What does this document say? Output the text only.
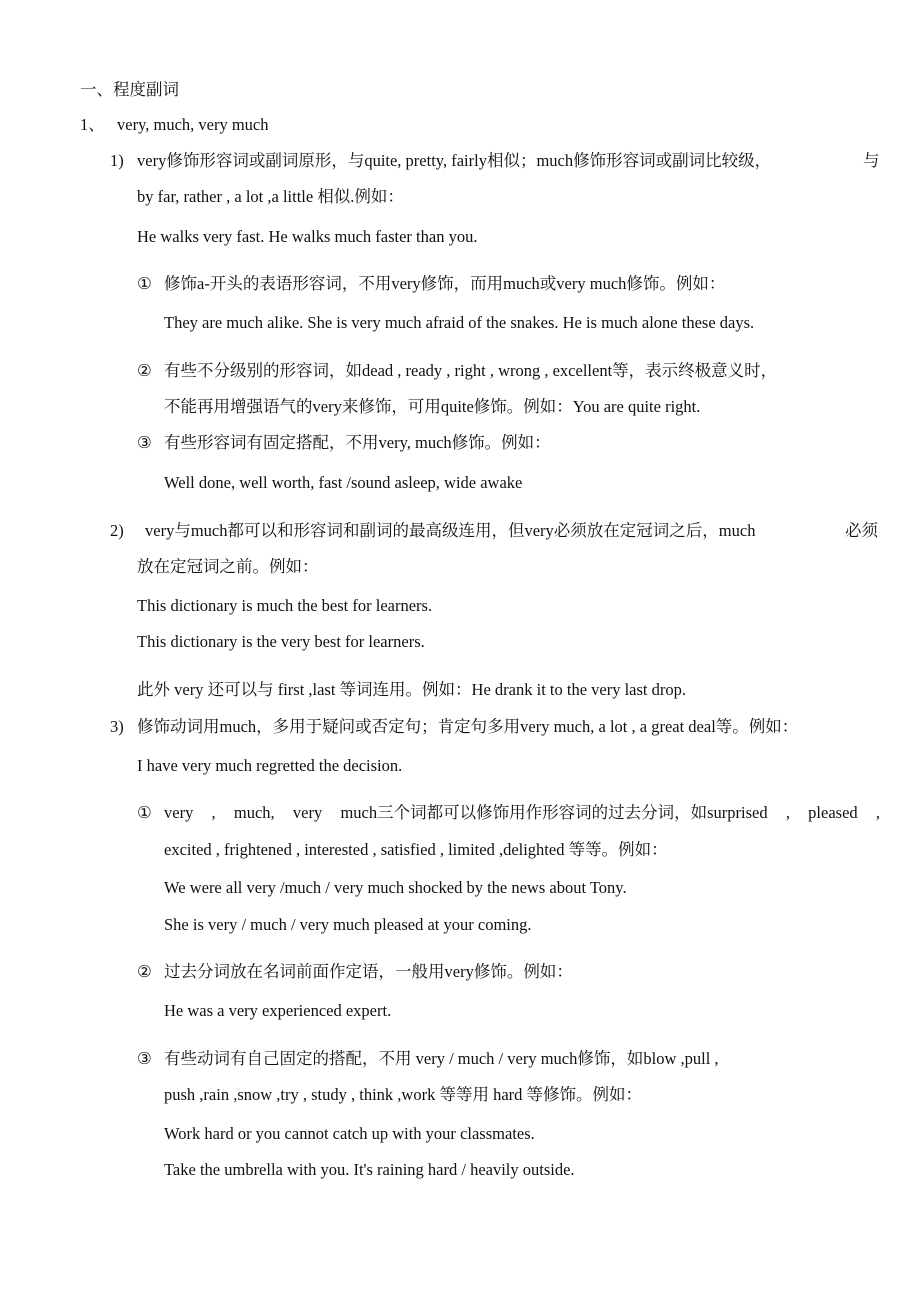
一、程度副词
1、 very, much, very much
1) very修饰形容词或副词原形，与quite, pretty, fairly相似；much修饰形容词或副词比较级，	与
by far, rather , a lot ,a little 相似.例如：
He walks very fast. He walks much faster than you.
① 修饰a-开头的表语形容词，不用very修饰，而用much或very much修饰。例如：
They are much alike. She is very much afraid of the snakes. He is much alone these days.
② 有些不分级别的形容词，如dead , ready , right , wrong , excellent等，表示终极意义时，
不能再用增强语气的very来修饰，可用quite修饰。例如：You are quite right.
③ 有些形容词有固定搭配，不用very, much修饰。例如：
Well done, well worth, fast /sound asleep, wide awake
2) very与much都可以和形容词和副词的最高级连用，但very必须放在定冠词之后，much	必须
放在定冠词之前。例如：
This dictionary is much the best for learners.
This dictionary is the very best for learners.
此外 very 还可以与 first ,last 等词连用。例如：He drank it to the very last drop.
3) 修饰动词用much，多用于疑问或否定句；肯定句多用very much, a lot , a great deal等。例如：
I have very much regretted the decision.
① very , much, very much三个词都可以修饰用作形容词的过去分词，如surprised , pleased ,
excited , frightened , interested , satisfied , limited ,delighted 等等。例如：
We were all very /much / very much shocked by the news about Tony.
She is very / much / very much pleased at your coming.
② 过去分词放在名词前面作定语，一般用very修饰。例如：
He was a very experienced expert.
③ 有些动词有自己固定的搭配，不用 very / much / very much修饰，如blow ,pull ,
push ,rain ,snow ,try , study , think ,work 等等用 hard 等修饰。例如：
Work hard or you cannot catch up with your classmates.
Take the umbrella with you. It's raining hard / heavily outside.
